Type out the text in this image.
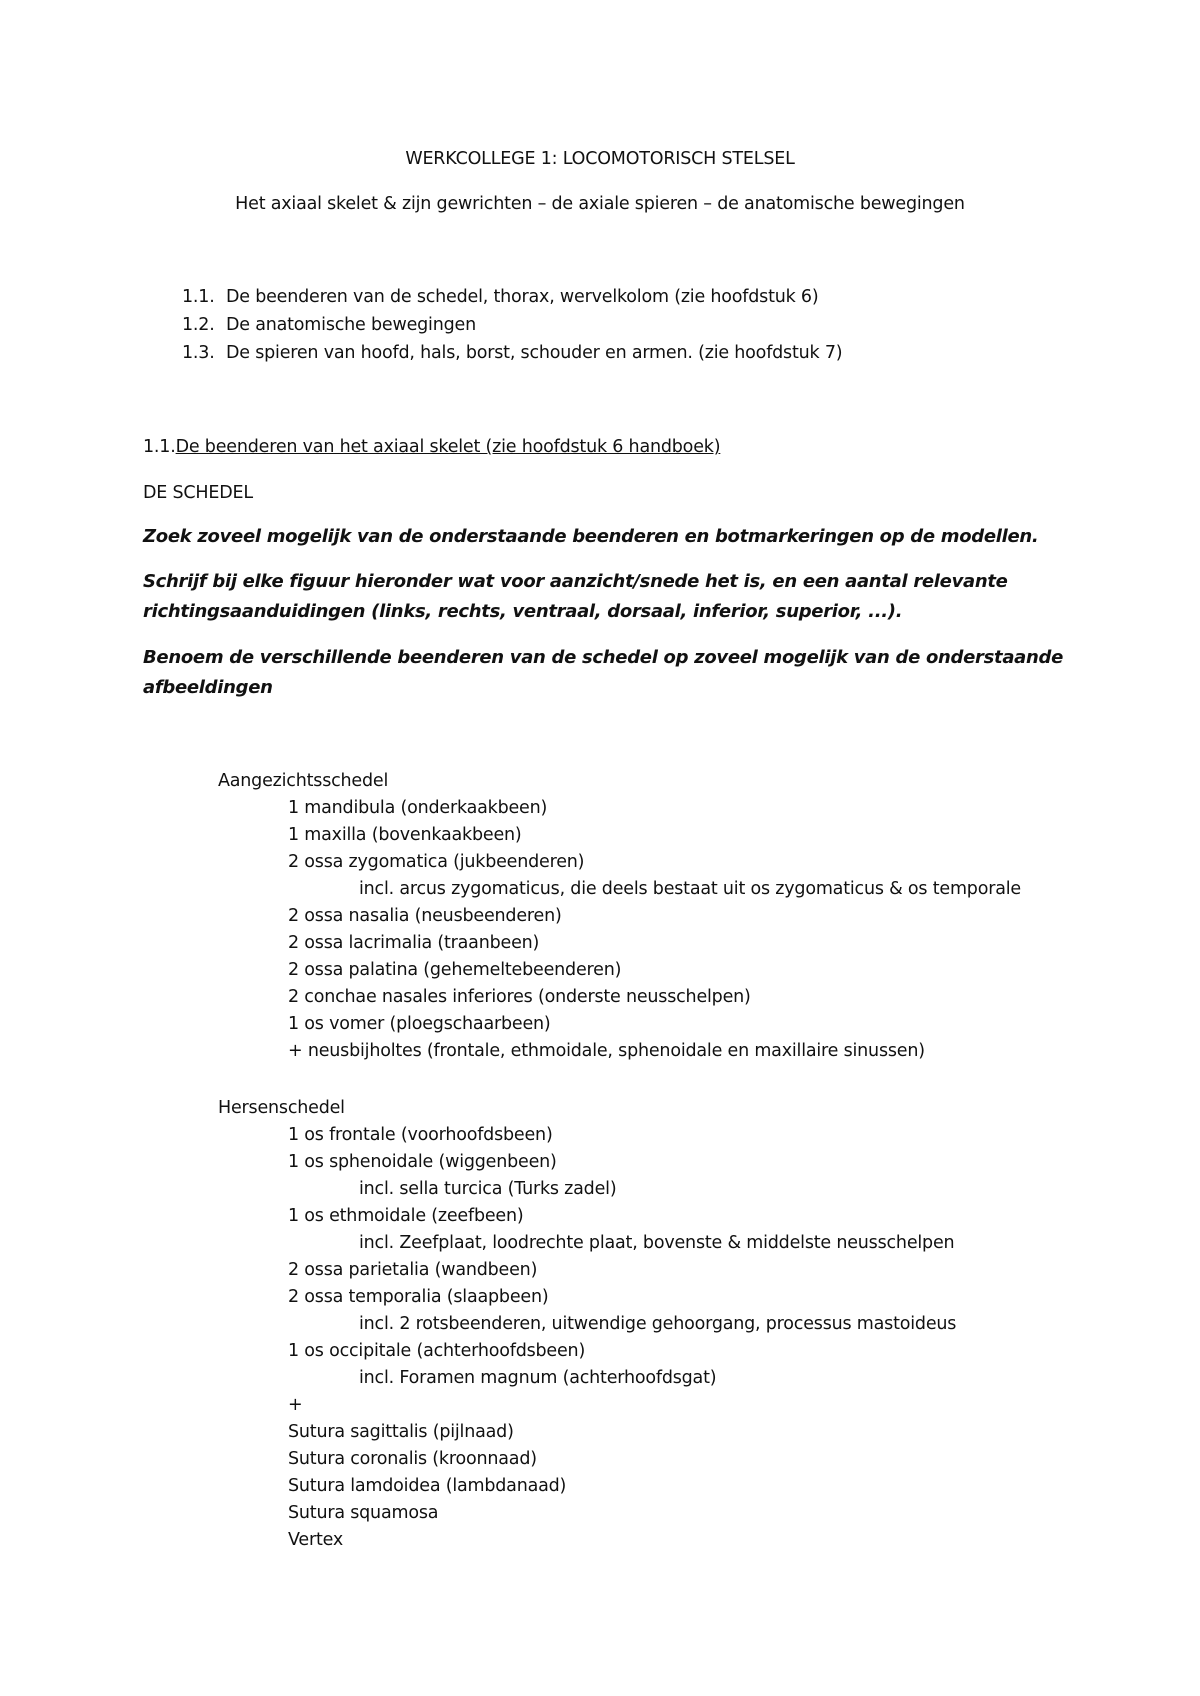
WERKCOLLEGE 1: LOCOMOTORISCH STELSEL
Het axiaal skelet & zijn gewrichten – de axiale spieren – de anatomische bewegingen
1.1. De beenderen van de schedel, thorax, wervelkolom (zie hoofdstuk 6)
1.2. De anatomische bewegingen
1.3. De spieren van hoofd, hals, borst, schouder en armen. (zie hoofdstuk 7)
1.1.De beenderen van het axiaal skelet (zie hoofdstuk 6 handboek)
DE SCHEDEL
Zoek zoveel mogelijk van de onderstaande beenderen en botmarkeringen op de modellen.
Schrijf bij elke figuur hieronder wat voor aanzicht/snede het is, en een aantal relevante
richtingsaanduidingen (links, rechts, ventraal, dorsaal, inferior, superior, ...).
Benoem de verschillende beenderen van de schedel op zoveel mogelijk van de onderstaande
afbeeldingen
Aangezichtsschedel
1 mandibula (onderkaakbeen)
1 maxilla (bovenkaakbeen)
2 ossa zygomatica (jukbeenderen)
incl. arcus zygomaticus, die deels bestaat uit os zygomaticus & os temporale
2 ossa nasalia (neusbeenderen)
2 ossa lacrimalia (traanbeen)
2 ossa palatina (gehemeltebeenderen)
2 conchae nasales inferiores (onderste neusschelpen)
1 os vomer (ploegschaarbeen)
+ neusbijholtes (frontale, ethmoidale, sphenoidale en maxillaire sinussen)
Hersenschedel
1 os frontale (voorhoofdsbeen)
1 os sphenoidale (wiggenbeen)
incl. sella turcica (Turks zadel)
1 os ethmoidale (zeefbeen)
incl. Zeefplaat, loodrechte plaat, bovenste & middelste neusschelpen
2 ossa parietalia (wandbeen)
2 ossa temporalia (slaapbeen)
incl. 2 rotsbeenderen, uitwendige gehoorgang, processus mastoideus
1 os occipitale (achterhoofdsbeen)
incl. Foramen magnum (achterhoofdsgat)
+
Sutura sagittalis (pijlnaad)
Sutura coronalis (kroonnaad)
Sutura lamdoidea (lambdanaad)
Sutura squamosa
Vertex
